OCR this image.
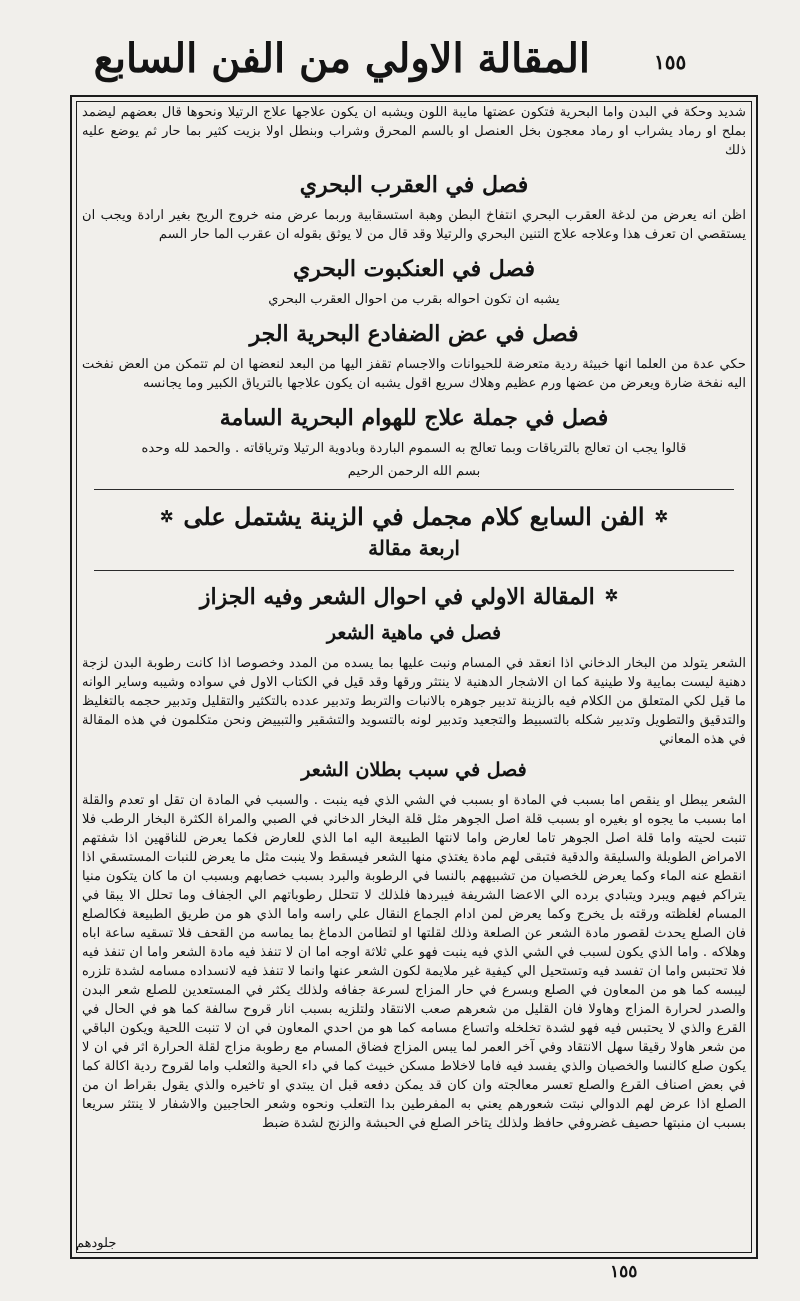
المقالة الاولي من الفن السابع	١٥٥

شديد وحكة في البدن واما البحرية فتكون عضتها مايبة اللون ويشبه ان يكون علاجها علاج الرتيلا ونحوها قال بعضهم ليضمد بملح او رماد يشراب او رماد معجون بخل العنصل او بالسم المحرق وشراب وبنطل اولا بزيت كثير بما حار ثم يوضع عليه ذلك

فصل في العقرب البحري

اظن انه يعرض من لدغة العقرب البحري انتفاخ البطن وهبة استسقابية وربما عرض منه خروج الريح بغير ارادة ويجب ان يستقصي ان تعرف هذا وعلاجه علاج التنين البحري والرتيلا وقد قال من لا يوثق بقوله ان عقرب الما حار السم

فصل في العنكبوت البحري

يشبه ان تكون احواله بقرب من احوال العقرب البحري

فصل في عض الضفادع البحرية الجر

حكي عدة من العلما انها خبيثة ردية متعرضة للحيوانات والاجسام تقفز اليها من البعد لنعضها ان لم تتمكن من العض نفخت اليه نفخة ضارة ويعرض من عضها ورم عظيم وهلاك سريع اقول يشبه ان يكون علاجها بالترياق الكبير وما يجانسه

فصل في جملة علاج للهوام البحرية السامة

قالوا يجب ان تعالج بالترياقات وبما تعالج به السموم الباردة وبادوية الرتيلا وترياقاته . والحمد لله وحده

بسم الله الرحمن الرحيم

✲الفن السابع كلام مجمل في الزينة يشتمل على✲
اربعة مقالة
✲المقالة الاولي في احوال الشعر وفيه الجزاز
فصل في ماهية الشعر

الشعر يتولد من البخار الدخاني اذا انعقد في المسام ونبت عليها بما يسده من المدد وخصوصا اذا كانت رطوبة البدن لزجة دهنية ليست بمايية ولا طينية كما ان الاشجار الدهنية لا ينتثر ورقها وقد قيل في الكتاب الاول في سواده وشيبه وساير الوانه ما قيل لكي المتعلق من الكلام فيه بالزينة تدبير جوهره بالانبات والتربط وتدبير عدده بالتكثير والتقليل وتدبير حجمه بالتغليظ والتدقيق والتطويل وتدبير شكله بالتسبيط والتجعيد وتدبير لونه بالتسويد والتشقير والتبييض ونحن متكلمون في هذه المقالة في هذه المعاني

فصل في سبب بطلان الشعر

الشعر يبطل او ينقص اما بسبب في المادة او بسبب في الشي الذي فيه ينبت . والسبب في المادة ان تقل او تعدم والقلة اما بسبب ما يجوه او بغيره او بسبب قلة اصل الجوهر مثل قلة البخار الدخاني في الصبي والمراة الكثرة البخار الرطب فلا تنبت لحيته واما قلة اصل الجوهر تاما لعارض واما لانتها الطبيعة اليه اما الذي للعارض فكما يعرض للناقهين اذا شفتهم الامراض الطويلة والسليقة والدقية فتبقى لهم مادة يغتذي منها الشعر فيسقط ولا ينبت مثل ما يعرض للنبات المستسقي اذا انقطع عنه الماء وكما يعرض للخصيان من تشبيههم بالنسا في الرطوبة والبرد بسبب خصابهم وبسبب ان ما كان يتكون منيا يتراكم فيهم ويبرد ويتبادي برده الي الاعضا الشريفة فيبردها فلذلك لا تتحلل رطوباتهم الي الجفاف وما تحلل الا يبقا في المسام لغلظته ورقته بل يخرج وكما يعرض لمن ادام الجماع النقال علي راسه واما الذي هو من طريق الطبيعة فكالصلع فان الصلع يحدث لقصور مادة الشعر عن الصلعة وذلك لقلتها او لتطامن الدماغ بما يماسه من القحف فلا تسقيه ساعة اباه وهلاكه . واما الذي يكون لسبب في الشي الذي فيه ينبت فهو علي ثلاثة اوجه اما ان لا تنفذ فيه مادة الشعر واما ان تنفذ فيه فلا تحتبس واما ان تفسد فيه وتستحيل الي كيفية غير ملايمة لكون الشعر عنها وانما لا تنفذ فيه لانسداده مسامه لشدة تلزره ليبسه كما هو من المعاون في الصلع وبسرع في حار المزاج لسرعة جفافه ولذلك يكثر في المستعدين للصلع شعر البدن والصدر لحرارة المزاج وهاولا فان القليل من شعرهم صعب الانتقاد ولتلزيه بسبب انار قروح سالفة كما هو في الحال في القرع والذي لا يحتبس فيه فهو لشدة تخلخله واتساع مسامه كما هو من احدي المعاون في ان لا تنبت اللحية ويكون الباقي من شعر هاولا رقيقا سهل الانتقاد وفي آخر العمر لما يبس المزاج فضاق المسام مع رطوبة مزاج لقلة الحرارة اثر في ان لا يكون صلع كالنسا والخصيان والذي يفسد فيه فاما لاخلاط مسكن خبيث كما في داء الحية والثعلب واما لقروح ردية اكالة كما في بعض اصناف القرع والصلع تعسر معالجته وان كان قد يمكن دفعه قبل ان يبتدي او تاخيره والذي يقول بقراط ان من الصلع اذا عرض لهم الدوالي نبتت شعورهم يعني به المفرطين بدا التعلب ونحوه وشعر الحاجبين والاشفار لا ينتثر سريعا بسبب ان منبتها حصيف غضروفي حافظ ولذلك يتاخر الصلع في الحبشة والزنج لشدة ضبط

جلودهم
١٥٥
